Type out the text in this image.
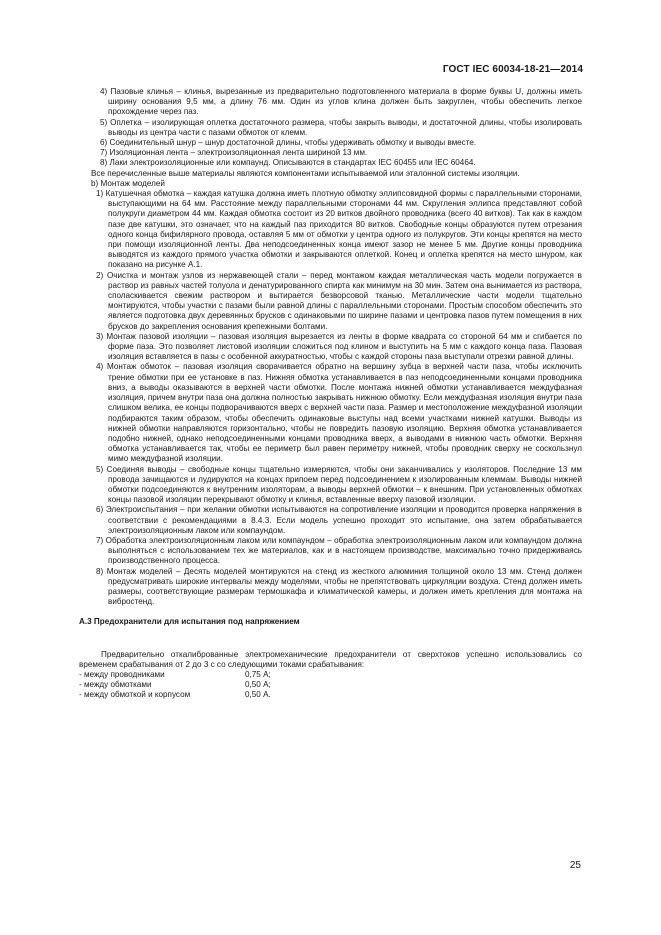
ГОСТ IEC 60034-18-21—2014

4) Пазовые клинья – клинья, вырезанные из предварительно подготовленного материала в форме буквы U, должны иметь ширину основания 9,5 мм, а длину 76 мм. Один из углов клина должен быть закруглен, чтобы обеспечить легкое прохождение через паз.

5) Оплетка – изолирующая оплетка достаточного размера, чтобы закрыть выводы, и достаточной длины, чтобы изолировать выводы из центра части с пазами обмоток от клемм.

6) Соединительный шнур – шнур достаточной длины, чтобы удерживать обмотку и выводы вместе.

7) Изоляционная лента – электроизоляционная лента шириной 13 мм.

8) Лаки электроизоляционные или компаунд. Описываются в стандартах IEC 60455 или IEC 60464.

Все перечисленные выше материалы являются компонентами испытываемой или эталонной системы изоляции.

b) Монтаж моделей

1) Катушечная обмотка – каждая катушка должна иметь плотную обмотку эллипсовидной формы с параллельными сторонами, выступающими на 64 мм. Расстояние между параллельными сторонами 44 мм. Скругления эллипса представляют собой полукруги диаметром 44 мм. Каждая обмотка состоит из 20 витков двойного проводника (всего 40 витков). Так как в каждом пазе две катушки, это означает, что на каждый паз приходится 80 витков. Свободные концы образуются путем отрезания одного конца бифилярного провода, оставляя 5 мм от обмотки у центра одного из полукругов. Эти концы крепятся на место при помощи изоляционной ленты. Два неподсоединенных конца имеют зазор не менее 5 мм. Другие концы проводника выводятся из каждого прямого участка обмотки и закрываются оплеткой. Конец и оплетка крепятся на место шнуром, как показано на рисунке А.1.

2) Очистка и монтаж узлов из нержавеющей стали – перед монтажом каждая металлическая часть модели погружается в раствор из равных частей толуола и денатурированного спирта как минимум на 30 мин. Затем она вынимается из раствора, споласкивается свежим раствором и вытирается безворсовой тканью. Металлические части модели тщательно монтируются, чтобы участки с пазами были равной длины с параллельными сторонами. Простым способом обеспечить это является подготовка двух деревянных брусков с одинаковыми по ширине пазами и центровка пазов путем помещения в них брусков до закрепления основания крепежными болтами.

3) Монтаж пазовой изоляции – пазовая изоляция вырезается из ленты в форме квадрата со стороной 64 мм и сгибается по форме паза. Это позволяет листовой изоляции сложиться под клином и выступить на 5 мм с каждого конца паза. Пазовая изоляция вставляется в пазы с особенной аккуратностью, чтобы с каждой стороны паза выступали отрезки равной длины.

4) Монтаж обмоток – пазовая изоляция сворачивается обратно на вершину зубца в верхней части паза, чтобы исключить трение обмотки при ее установке в паз. Нижняя обмотка устанавливается в паз неподсоединенными концами проводника вниз, а выводы оказываются в верхней части обмотки. После монтажа нижней обмотки устанавливается междуфазная изоляция, причем внутри паза она должна полностью закрывать нижнюю обмотку. Если междуфазная изоляция внутри паза слишком велика, ее концы подворачиваются вверх с верхней части паза. Размер и местоположение междуфазной изоляции подбираются таким образом, чтобы обеспечить одинаковые выступы над всеми участками нижней катушки. Выводы из нижней обмотки направляются горизонтально, чтобы не повредить пазовую изоляцию. Верхняя обмотка устанавливается подобно нижней, однако неподсоединенными концами проводника вверх, а выводами в нижнюю часть обмотки. Верхняя обмотка устанавливается так, чтобы ее периметр был равен периметру нижней, чтобы проводник сверху не соскользнул мимо междуфазной изоляции.

5) Соединяя выводы – свободные концы тщательно измеряются, чтобы они заканчивались у изоляторов. Последние 13 мм провода зачищаются и лудируются на концах припоем перед подсоединением к изолированным клеммам. Выводы нижней обмотки подсоединяются к внутренним изоляторам, а выводы верхней обмотки – к внешним. При установленных обмотках концы пазовой изоляции перекрывают обмотку и клинья, вставленные вверху пазовой изоляции.

6) Электроиспытания – при желании обмотки испытываются на сопротивление изоляции и проводится проверка напряжения в соответствии с рекомендациями в 8.4.3. Если модель успешно проходит это испытание, она затем обрабатывается электроизоляционным лаком или компаундом.

7) Обработка электроизоляционным лаком или компаундом – обработка электроизоляционным лаком или компаундом должна выполняться с использованием тех же материалов, как и в настоящем производстве, максимально точно придерживаясь производственного процесса.

8) Монтаж моделей – Десять моделей монтируются на стенд из жесткого алюминия толщиной около 13 мм. Стенд должен предусматривать широкие интервалы между моделями, чтобы не препятствовать циркуляции воздуха. Стенд должен иметь размеры, соответствующие размерам термошкафа и климатической камеры, и должен иметь крепления для монтажа на вибростенд.

А.3 Предохранители для испытания под напряжением

Предварительно откалиброванные электромеханические предохранители от сверхтоков успешно использовались со временем срабатывания от 2 до 3 с со следующими токами срабатывания:

- между проводниками	0,75 А;
- между обмотками	0,50 А;
- между обмоткой и корпусом	0,50 А.
25
